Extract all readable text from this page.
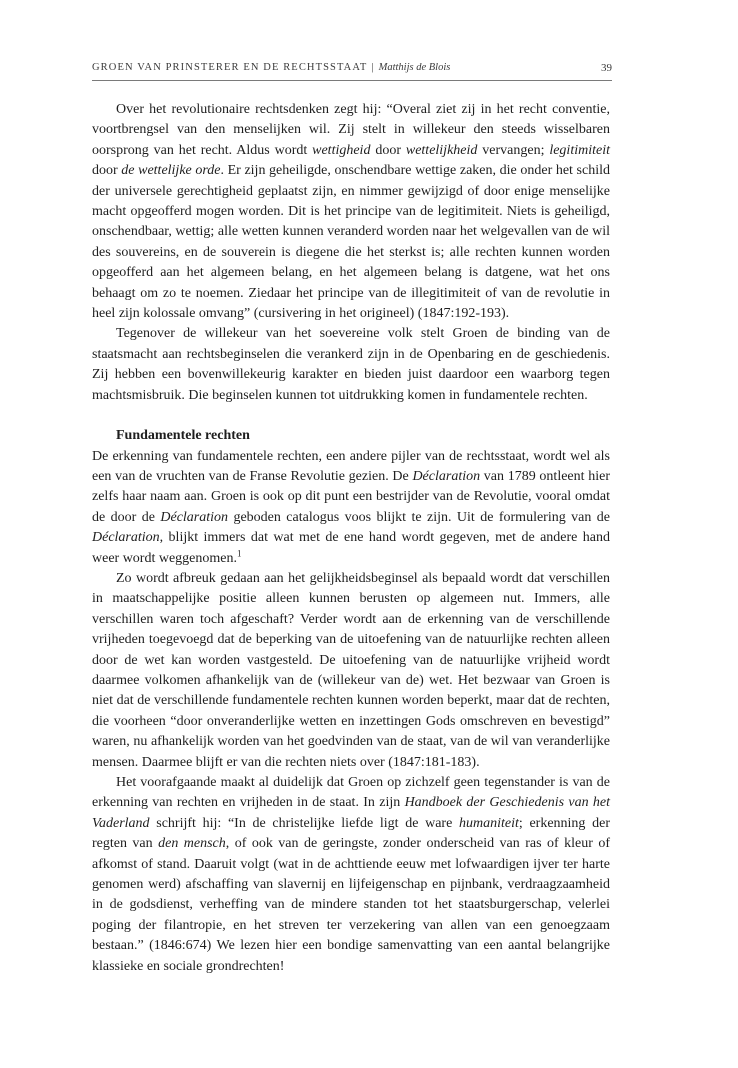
GROEN VAN PRINSTERER EN DE RECHTSSTAAT | Matthijs de Blois	39

Over het revolutionaire rechtsdenken zegt hij: “Overal ziet zij in het recht conventie, voortbrengsel van den menselijken wil. Zij stelt in willekeur den steeds wisselbaren oorsprong van het recht. Aldus wordt wettigheid door wettelijkheid vervangen; legitimiteit door de wettelijke orde. Er zijn geheiligde, onschendbare wettige zaken, die onder het schild der universele gerechtigheid geplaatst zijn, en nimmer gewijzigd of door enige menselijke macht opgeofferd mogen worden. Dit is het principe van de legitimiteit. Niets is geheiligd, onschendbaar, wettig; alle wetten kunnen veranderd worden naar het welgevallen van de wil des souvereins, en de souverein is diegene die het sterkst is; alle rechten kunnen worden opgeofferd aan het algemeen belang, en het algemeen belang is datgene, wat het ons behaagt om zo te noemen. Ziedaar het principe van de illegitimiteit of van de revolutie in heel zijn kolossale omvang” (cursivering in het origineel) (1847:192-193).

Tegenover de willekeur van het soevereine volk stelt Groen de binding van de staatsmacht aan rechtsbeginselen die verankerd zijn in de Openbaring en de geschiedenis. Zij hebben een bovenwillekeurig karakter en bieden juist daardoor een waarborg tegen machtsmisbruik. Die beginselen kunnen tot uitdrukking komen in fundamentele rechten.

Fundamentele rechten

De erkenning van fundamentele rechten, een andere pijler van de rechtsstaat, wordt wel als een van de vruchten van de Franse Revolutie gezien. De Déclaration van 1789 ontleent hier zelfs haar naam aan. Groen is ook op dit punt een bestrijder van de Revolutie, vooral omdat de door de Déclaration geboden catalogus voos blijkt te zijn. Uit de formulering van de Déclaration, blijkt immers dat wat met de ene hand wordt gegeven, met de andere hand weer wordt weggenomen.$^1$

Zo wordt afbreuk gedaan aan het gelijkheidsbeginsel als bepaald wordt dat verschillen in maatschappelijke positie alleen kunnen berusten op algemeen nut. Immers, alle verschillen waren toch afgeschaft? Verder wordt aan de erkenning van de verschillende vrijheden toegevoegd dat de beperking van de uitoefening van de natuurlijke rechten alleen door de wet kan worden vastgesteld. De uitoefening van de natuurlijke vrijheid wordt daarmee volkomen afhankelijk van de (willekeur van de) wet. Het bezwaar van Groen is niet dat de verschillende fundamentele rechten kunnen worden beperkt, maar dat de rechten, die voorheen “door onveranderlijke wetten en inzettingen Gods omschreven en bevestigd” waren, nu afhankelijk worden van het goedvinden van de staat, van de wil van veranderlijke mensen. Daarmee blijft er van die rechten niets over (1847:181-183).

Het voorafgaande maakt al duidelijk dat Groen op zichzelf geen tegenstander is van de erkenning van rechten en vrijheden in de staat. In zijn Handboek der Geschiedenis van het Vaderland schrijft hij: “In de christelijke liefde ligt de ware humaniteit; erkenning der regten van den mensch, of ook van de geringste, zonder onderscheid van ras of kleur of afkomst of stand. Daaruit volgt (wat in de achttiende eeuw met lofwaardigen ijver ter harte genomen werd) afschaffing van slavernij en lijfeigenschap en pijnbank, verdraagzaamheid in de godsdienst, verheffing van de mindere standen tot het staatsburgerschap, velerlei poging der filantropie, en het streven ter verzekering van allen van een genoegzaam bestaan.” (1846:674) We lezen hier een bondige samenvatting van een aantal belangrijke klassieke en sociale grondrechten!
